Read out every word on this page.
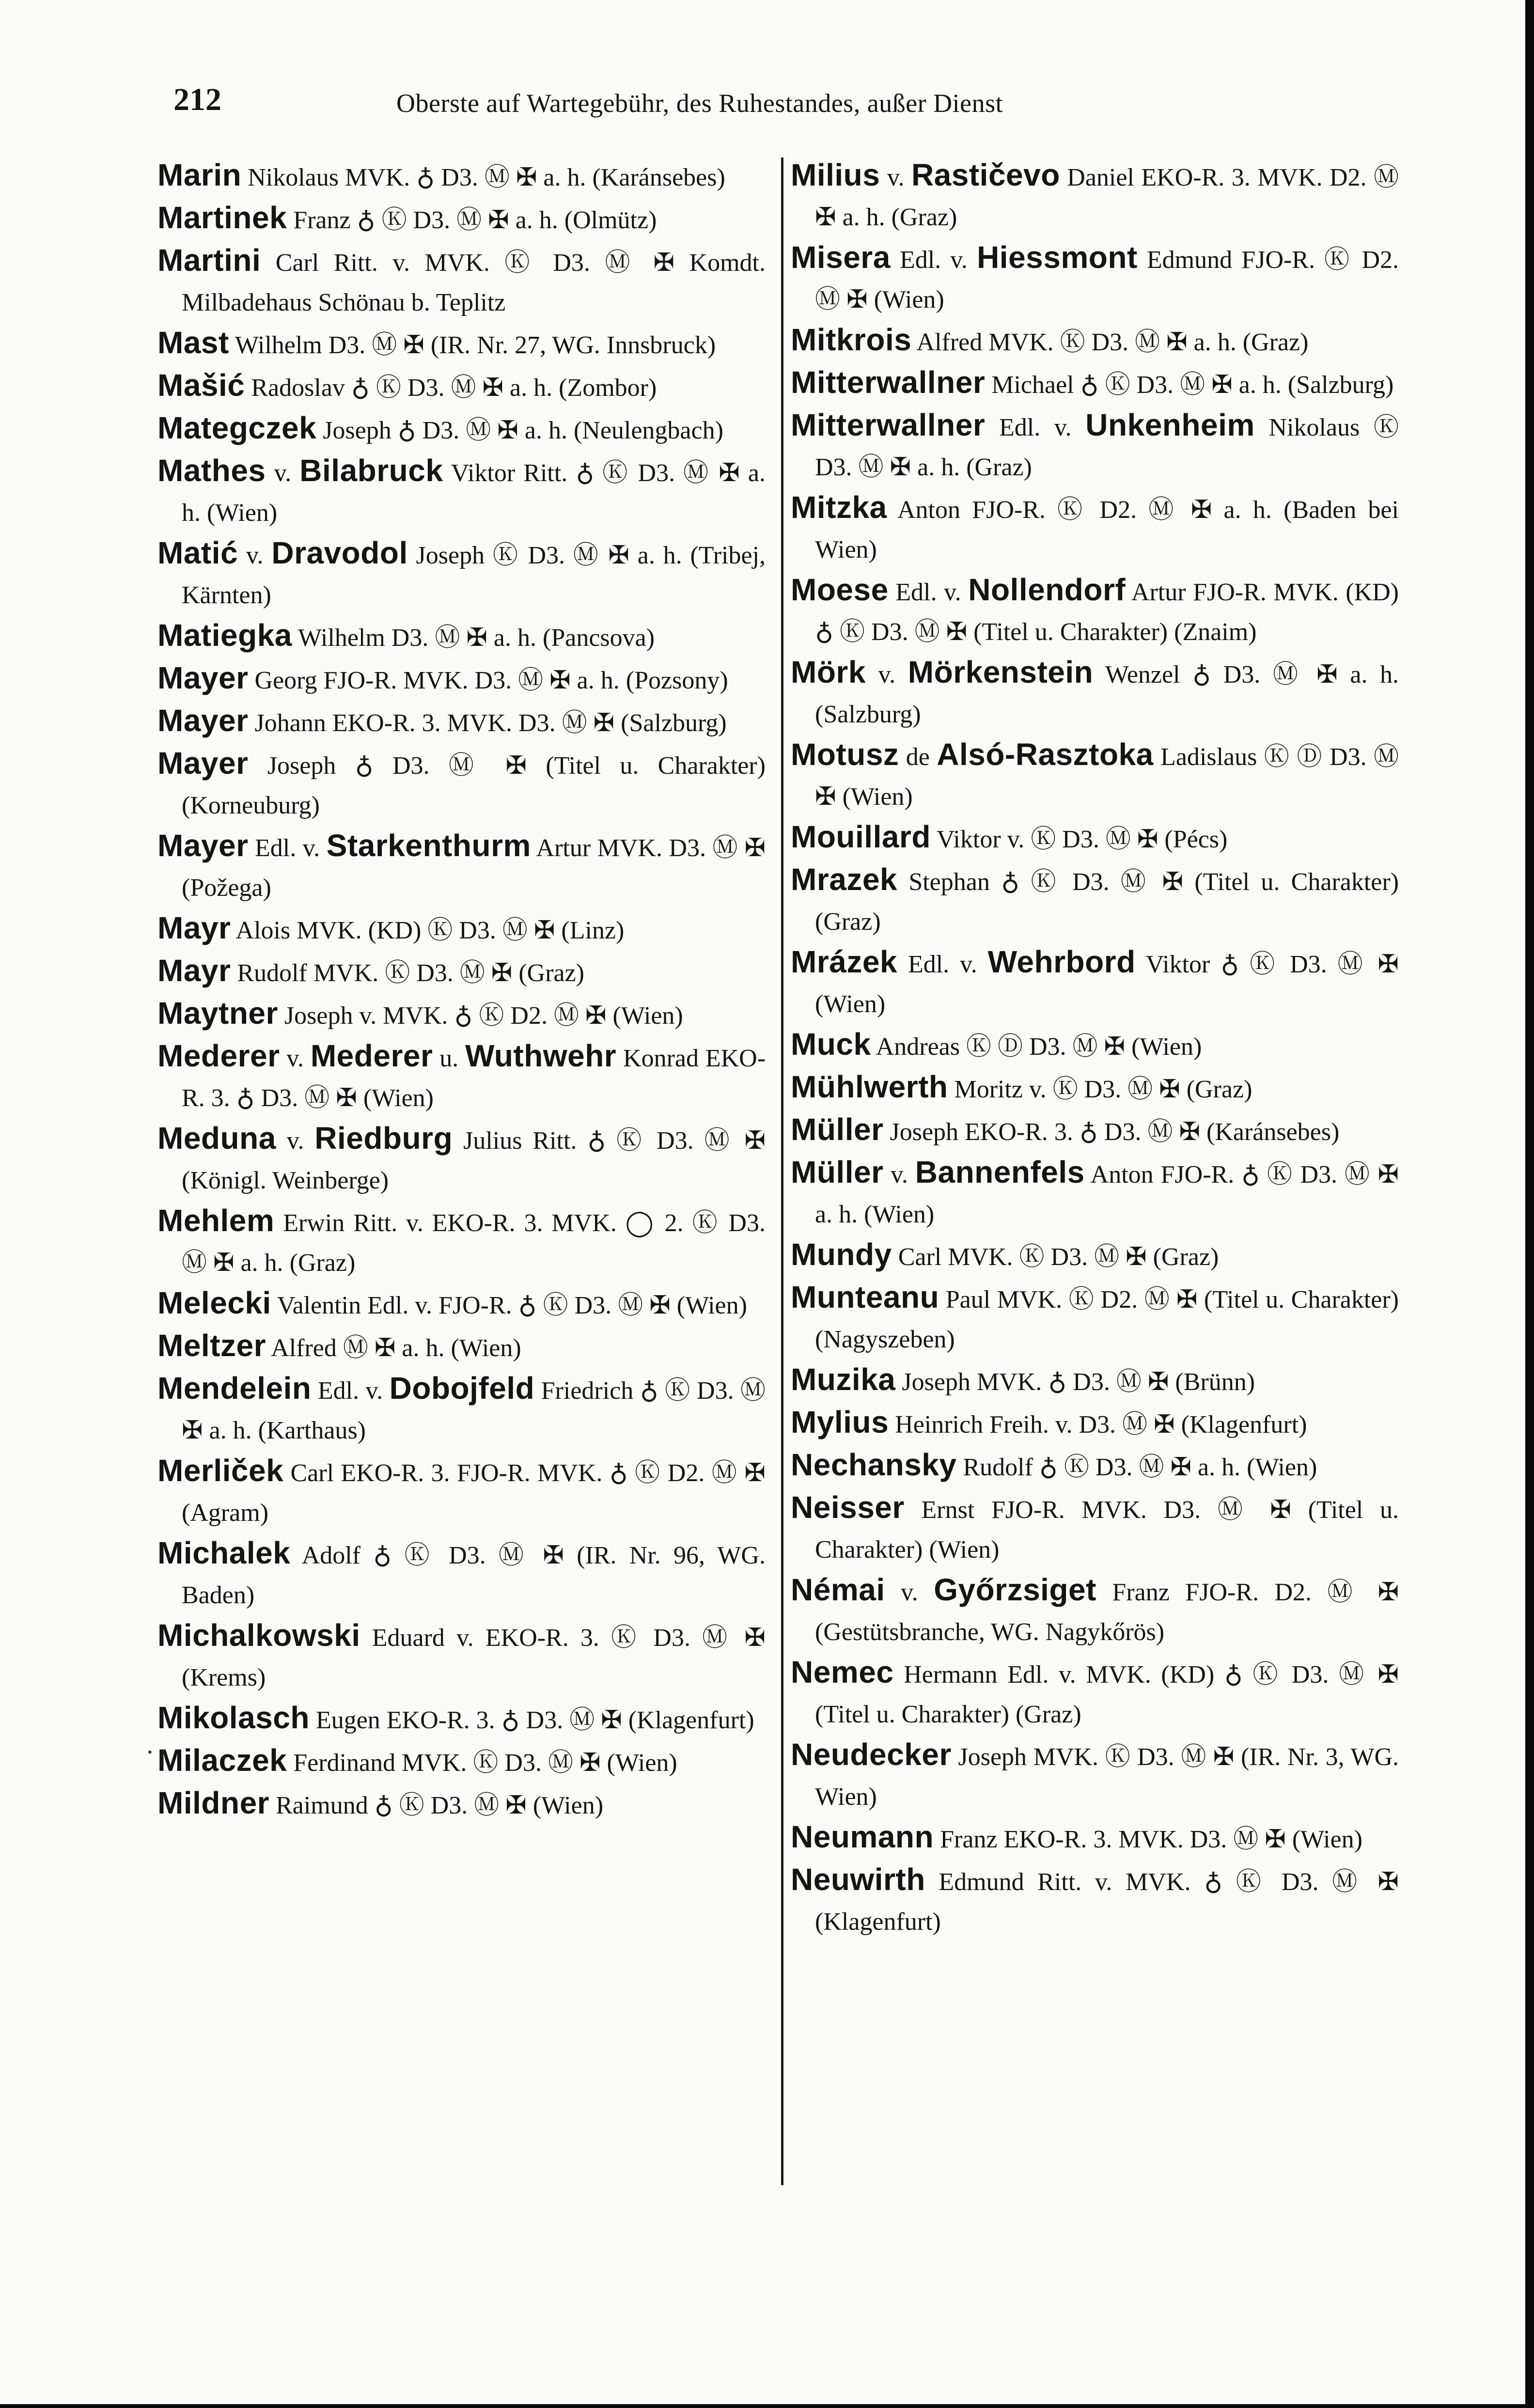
212	Oberste auf Wartegebühr, des Ruhestandes, außer Dienst

Marin Nikolaus MVK. ♁ D3. Ⓜ ✠ a. h. (Karánsebes)

Martinek Franz ♁ Ⓚ D3. Ⓜ ✠ a. h. (Olmütz)

Martini Carl Ritt. v. MVK. Ⓚ D3. Ⓜ ✠ Komdt. Milbadehaus Schönau b. Teplitz

Mast Wilhelm D3. Ⓜ ✠ (IR. Nr. 27, WG. Innsbruck)

Mašić Radoslav ♁ Ⓚ D3. Ⓜ ✠ a. h. (Zombor)

Mategczek Joseph ♁ D3. Ⓜ ✠ a. h. (Neulengbach)

Mathes v. Bilabruck Viktor Ritt. ♁ Ⓚ D3. Ⓜ ✠ a. h. (Wien)

Matić v. Dravodol Joseph Ⓚ D3. Ⓜ ✠ a. h. (Tribej, Kärnten)

Matiegka Wilhelm D3. Ⓜ ✠ a. h. (Pancsova)

Mayer Georg FJO-R. MVK. D3. Ⓜ ✠ a. h. (Pozsony)

Mayer Johann EKO-R. 3. MVK. D3. Ⓜ ✠ (Salzburg)

Mayer Joseph ♁ D3. Ⓜ ✠ (Titel u. Charakter) (Korneuburg)

Mayer Edl. v. Starkenthurm Artur MVK. D3. Ⓜ ✠ (Požega)

Mayr Alois MVK. (KD) Ⓚ D3. Ⓜ ✠ (Linz)

Mayr Rudolf MVK. Ⓚ D3. Ⓜ ✠ (Graz)

Maytner Joseph v. MVK. ♁ Ⓚ D2. Ⓜ ✠ (Wien)

Mederer v. Mederer u. Wuthwehr Konrad EKO-R. 3. ♁ D3. Ⓜ ✠ (Wien)

Meduna v. Riedburg Julius Ritt. ♁ Ⓚ D3. Ⓜ ✠ (Königl. Weinberge)

Mehlem Erwin Ritt. v. EKO-R. 3. MVK. ◯ 2. Ⓚ D3. Ⓜ ✠ a. h. (Graz)

Melecki Valentin Edl. v. FJO-R. ♁ Ⓚ D3. Ⓜ ✠ (Wien)

Meltzer Alfred Ⓜ ✠ a. h. (Wien)

Mendelein Edl. v. Dobojfeld Friedrich ♁ Ⓚ D3. Ⓜ ✠ a. h. (Karthaus)

Merliček Carl EKO-R. 3. FJO-R. MVK. ♁ Ⓚ D2. Ⓜ ✠ (Agram)

Michalek Adolf ♁ Ⓚ D3. Ⓜ ✠ (IR. Nr. 96, WG. Baden)

Michalkowski Eduard v. EKO-R. 3. Ⓚ D3. Ⓜ ✠ (Krems)

Mikolasch Eugen EKO-R. 3. ♁ D3. Ⓜ ✠ (Klagenfurt)

Milaczek Ferdinand MVK. Ⓚ D3. Ⓜ ✠ (Wien)

Mildner Raimund ♁ Ⓚ D3. Ⓜ ✠ (Wien)

Milius v. Rastičevo Daniel EKO-R. 3. MVK. D2. Ⓜ ✠ a. h. (Graz)

Misera Edl. v. Hiessmont Edmund FJO-R. Ⓚ D2. Ⓜ ✠ (Wien)

Mitkrois Alfred MVK. Ⓚ D3. Ⓜ ✠ a. h. (Graz)

Mitterwallner Michael ♁ Ⓚ D3. Ⓜ ✠ a. h. (Salzburg)

Mitterwallner Edl. v. Unkenheim Nikolaus Ⓚ D3. Ⓜ ✠ a. h. (Graz)

Mitzka Anton FJO-R. Ⓚ D2. Ⓜ ✠ a. h. (Baden bei Wien)

Moese Edl. v. Nollendorf Artur FJO-R. MVK. (KD) ♁ Ⓚ D3. Ⓜ ✠ (Titel u. Charakter) (Znaim)

Mörk v. Mörkenstein Wenzel ♁ D3. Ⓜ ✠ a. h. (Salzburg)

Motusz de Alsó-Rasztoka Ladislaus Ⓚ Ⓓ D3. Ⓜ ✠ (Wien)

Mouillard Viktor v. Ⓚ D3. Ⓜ ✠ (Pécs)

Mrazek Stephan ♁ Ⓚ D3. Ⓜ ✠ (Titel u. Charakter) (Graz)

Mrázek Edl. v. Wehrbord Viktor ♁ Ⓚ D3. Ⓜ ✠ (Wien)

Muck Andreas Ⓚ Ⓓ D3. Ⓜ ✠ (Wien)

Mühlwerth Moritz v. Ⓚ D3. Ⓜ ✠ (Graz)

Müller Joseph EKO-R. 3. ♁ D3. Ⓜ ✠ (Karánsebes)

Müller v. Bannenfels Anton FJO-R. ♁ Ⓚ D3. Ⓜ ✠ a. h. (Wien)

Mundy Carl MVK. Ⓚ D3. Ⓜ ✠ (Graz)

Munteanu Paul MVK. Ⓚ D2. Ⓜ ✠ (Titel u. Charakter) (Nagyszeben)

Muzika Joseph MVK. ♁ D3. Ⓜ ✠ (Brünn)

Mylius Heinrich Freih. v. D3. Ⓜ ✠ (Klagenfurt)

Nechansky Rudolf ♁ Ⓚ D3. Ⓜ ✠ a. h. (Wien)

Neisser Ernst FJO-R. MVK. D3. Ⓜ ✠ (Titel u. Charakter) (Wien)

Némai v. Győrzsiget Franz FJO-R. D2. Ⓜ ✠ (Gestütsbranche, WG. Nagykőrös)

Nemec Hermann Edl. v. MVK. (KD) ♁ Ⓚ D3. Ⓜ ✠ (Titel u. Charakter) (Graz)

Neudecker Joseph MVK. Ⓚ D3. Ⓜ ✠ (IR. Nr. 3, WG. Wien)

Neumann Franz EKO-R. 3. MVK. D3. Ⓜ ✠ (Wien)

Neuwirth Edmund Ritt. v. MVK. ♁ Ⓚ D3. Ⓜ ✠ (Klagenfurt)

·
